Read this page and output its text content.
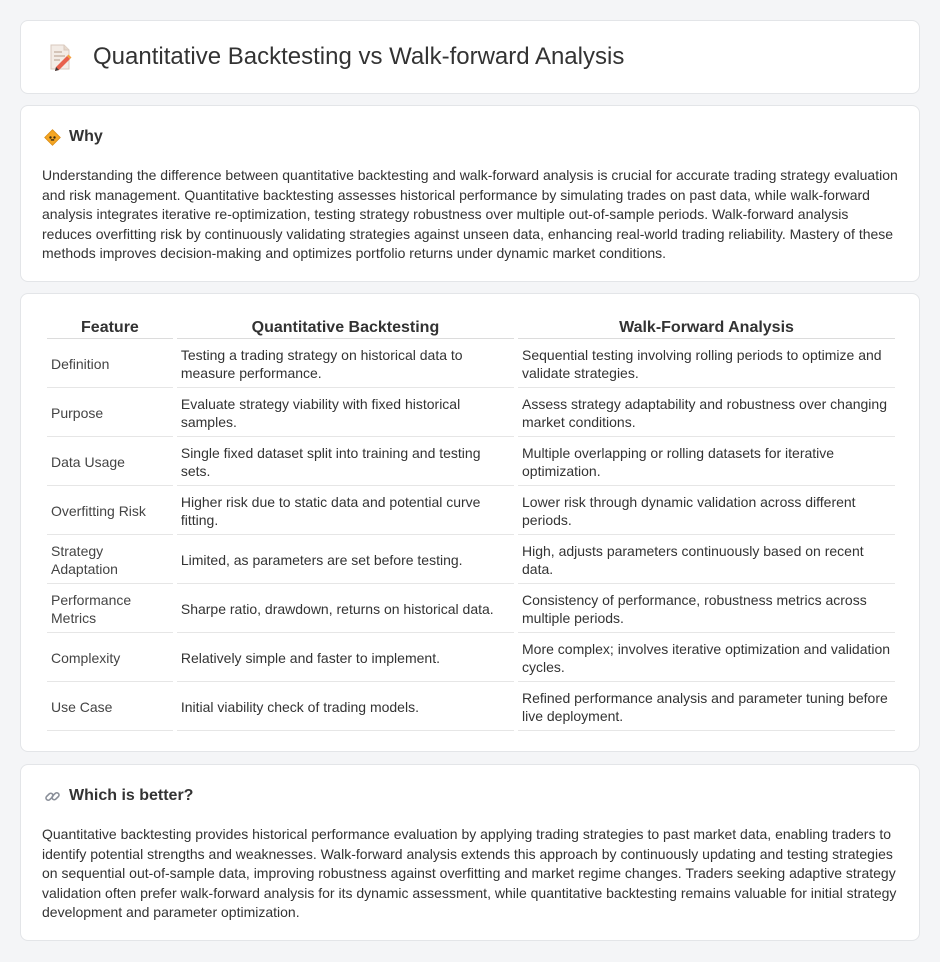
Quantitative Backtesting vs Walk-forward Analysis
Why

Understanding the difference between quantitative backtesting and walk-forward analysis is crucial for accurate trading strategy evaluation and risk management. Quantitative backtesting assesses historical performance by simulating trades on past data, while walk-forward analysis integrates iterative re-optimization, testing strategy robustness over multiple out-of-sample periods. Walk-forward analysis reduces overfitting risk by continuously validating strategies against unseen data, enhancing real-world trading reliability. Mastery of these methods improves decision-making and optimizes portfolio returns under dynamic market conditions.

Feature	Quantitative Backtesting	Walk-Forward Analysis
Definition	Testing a trading strategy on historical data to measure performance.	Sequential testing involving rolling periods to optimize and validate strategies.
Purpose	Evaluate strategy viability with fixed historical samples.	Assess strategy adaptability and robustness over changing market conditions.
Data Usage	Single fixed dataset split into training and testing sets.	Multiple overlapping or rolling datasets for iterative optimization.
Overfitting Risk	Higher risk due to static data and potential curve fitting.	Lower risk through dynamic validation across different periods.
Strategy Adaptation	Limited, as parameters are set before testing.	High, adjusts parameters continuously based on recent data.
Performance Metrics	Sharpe ratio, drawdown, returns on historical data.	Consistency of performance, robustness metrics across multiple periods.
Complexity	Relatively simple and faster to implement.	More complex; involves iterative optimization and validation cycles.
Use Case	Initial viability check of trading models.	Refined performance analysis and parameter tuning before live deployment.
Which is better?

Quantitative backtesting provides historical performance evaluation by applying trading strategies to past market data, enabling traders to identify potential strengths and weaknesses. Walk-forward analysis extends this approach by continuously updating and testing strategies on sequential out-of-sample data, improving robustness against overfitting and market regime changes. Traders seeking adaptive strategy validation often prefer walk-forward analysis for its dynamic assessment, while quantitative backtesting remains valuable for initial strategy development and parameter optimization.
